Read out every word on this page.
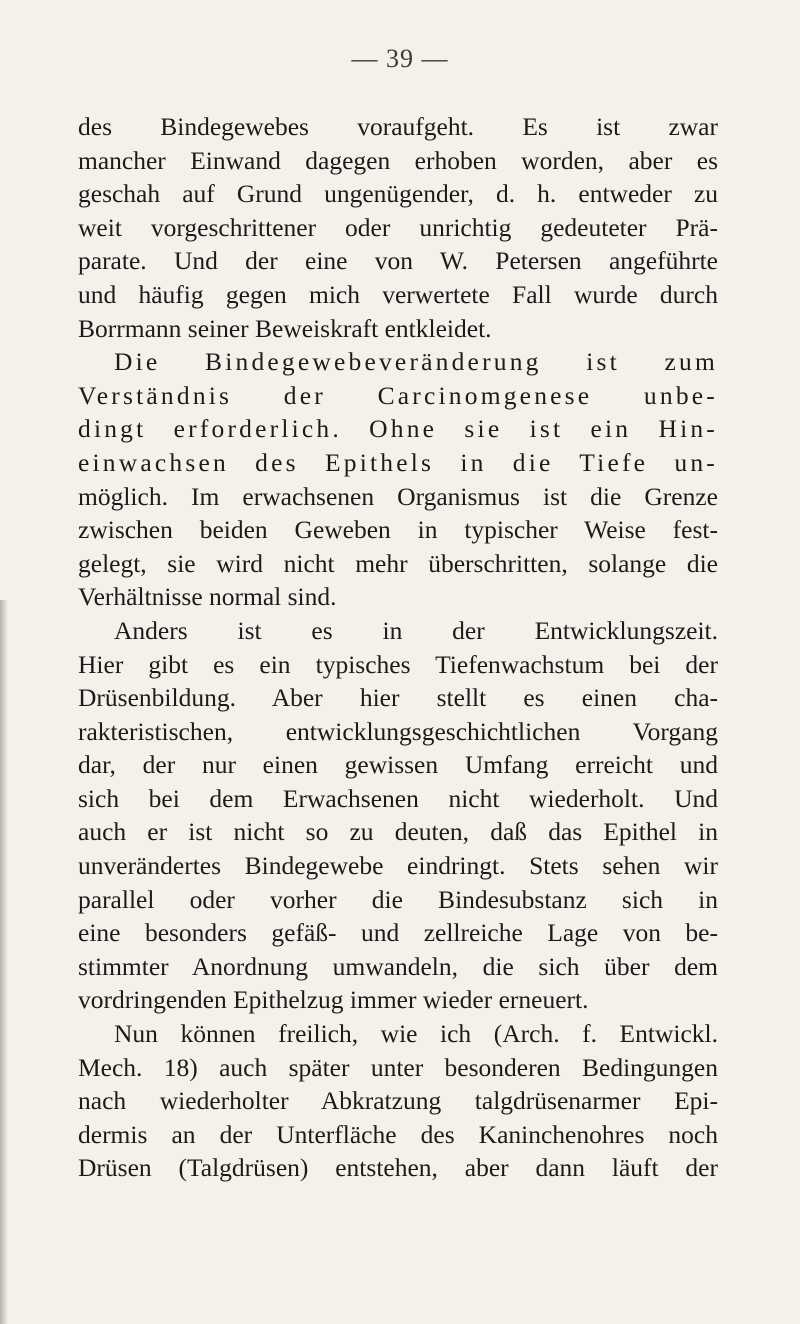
— 39 —
des Bindegewebes voraufgeht. Es ist zwar
mancher Einwand dagegen erhoben worden, aber es
geschah auf Grund ungenügender, d. h. entweder zu
weit vorgeschrittener oder unrichtig gedeuteter Prä-
parate. Und der eine von W. Petersen angeführte
und häufig gegen mich verwertete Fall wurde durch
Borrmann seiner Beweiskraft entkleidet.
Die Bindegewebeveränderung ist zum
Verständnis der Carcinomgenese unbe-
dingt erforderlich. Ohne sie ist ein Hin-
einwachsen des Epithels in die Tiefe un-
möglich. Im erwachsenen Organismus ist die Grenze
zwischen beiden Geweben in typischer Weise fest-
gelegt, sie wird nicht mehr überschritten, solange die
Verhältnisse normal sind.
Anders ist es in der Entwicklungszeit.
Hier gibt es ein typisches Tiefenwachstum bei der
Drüsenbildung. Aber hier stellt es einen cha-
rakteristischen, entwicklungsgeschichtlichen Vorgang
dar, der nur einen gewissen Umfang erreicht und
sich bei dem Erwachsenen nicht wiederholt. Und
auch er ist nicht so zu deuten, daß das Epithel in
unverändertes Bindegewebe eindringt. Stets sehen wir
parallel oder vorher die Bindesubstanz sich in
eine besonders gefäß- und zellreiche Lage von be-
stimmter Anordnung umwandeln, die sich über dem
vordringenden Epithelzug immer wieder erneuert.
Nun können freilich, wie ich (Arch. f. Entwickl.
Mech. 18) auch später unter besonderen Bedingungen
nach wiederholter Abkratzung talgdrüsenarmer Epi-
dermis an der Unterfläche des Kaninchenohres noch
Drüsen (Talgdrüsen) entstehen, aber dann läuft der
